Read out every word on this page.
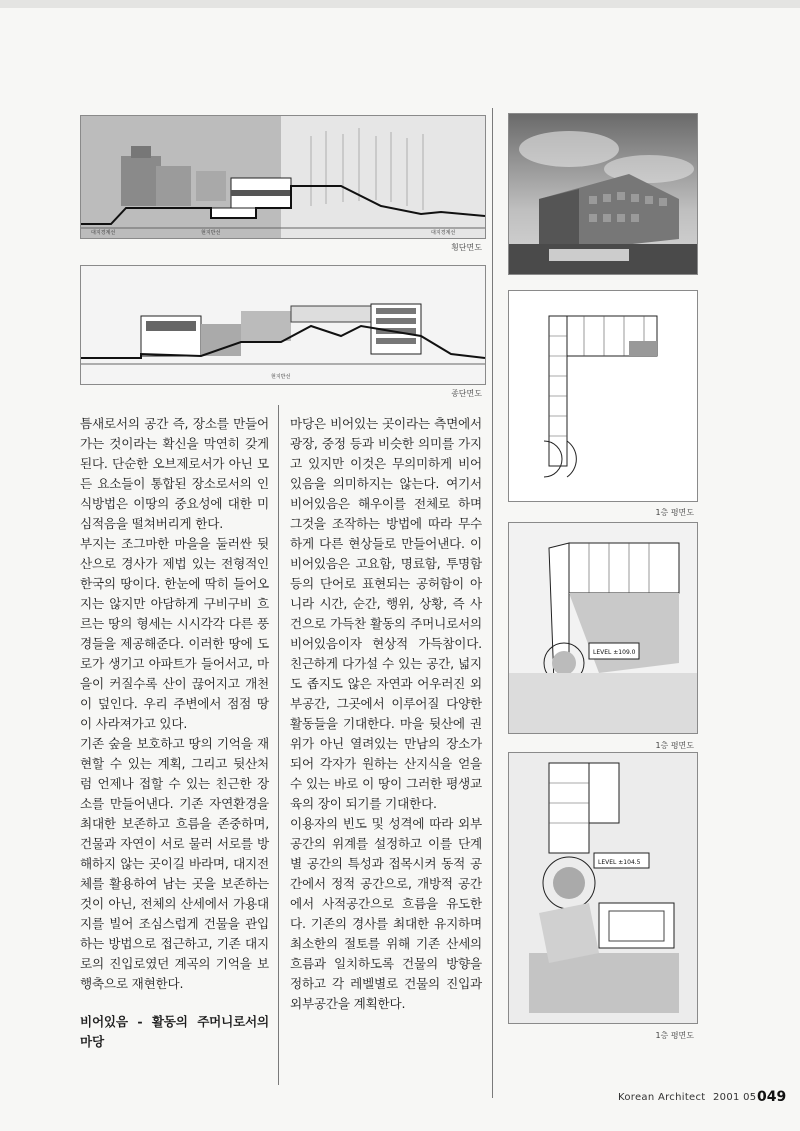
대지경계선	현지반선	대지경계선
횡단면도
현지반선
종단면도
1층 평면도
LEVEL ±109.0
1층 평면도
LEVEL ±104.5
1층 평면도

틈새로서의 공간 즉, 장소를 만들어가는 것이라는 확신을 막연히 갖게 된다. 단순한 오브제로서가 아닌 모든 요소들이 통합된 장소로서의 인식방법은 이땅의 중요성에 대한 미심적음을 떨쳐버리게 한다.

부지는 조그마한 마을을 둘러싼 뒷산으로 경사가 제법 있는 전형적인 한국의 땅이다. 한눈에 딱히 들어오지는 않지만 아담하게 구비구비 흐르는 땅의 형세는 시시각각 다른 풍경들을 제공해준다. 이러한 땅에 도로가 생기고 아파트가 들어서고, 마을이 커질수록 산이 끊어지고 개천이 덮인다. 우리 주변에서 점점 땅이 사라져가고 있다.

기존 숲을 보호하고 땅의 기억을 재현할 수 있는 계획, 그리고 뒷산처럼 언제나 접할 수 있는 친근한 장소를 만들어낸다. 기존 자연환경을 최대한 보존하고 흐름을 존중하며, 건물과 자연이 서로 물러 서로를 방해하지 않는 곳이길 바라며, 대지전체를 활용하여 남는 곳을 보존하는 것이 아닌, 전체의 산세에서 가용대지를 빌어 조심스럽게 건물을 관입하는 방법으로 접근하고, 기존 대지로의 진입로였던 계곡의 기억을 보행축으로 재현한다.

비어있음 - 활동의 주머니로서의 마당

마당은 비어있는 곳이라는 측면에서 광장, 중정 등과 비슷한 의미를 가지고 있지만 이것은 무의미하게 비어있음을 의미하지는 않는다. 여기서 비어있음은 해우이를 전체로 하며 그것을 조작하는 방법에 따라 무수하게 다른 현상들로 만들어낸다. 이 비어있음은 고요함, 명료함, 투명함 등의 단어로 표현되는 공허함이 아니라 시간, 순간, 행위, 상황, 즉 사건으로 가득찬 활동의 주머니로서의 비어있음이자 현상적 가득참이다. 친근하게 다가설 수 있는 공간, 넓지도 좁지도 않은 자연과 어우러진 외부공간, 그곳에서 이루어질 다양한 활동들을 기대한다. 마을 뒷산에 권위가 아닌 열려있는 만남의 장소가 되어 각자가 원하는 산지식을 얻을 수 있는 바로 이 땅이 그러한 평생교육의 장이 되기를 기대한다.

이용자의 빈도 및 성격에 따라 외부공간의 위계를 설정하고 이를 단계별 공간의 특성과 접목시켜 동적 공간에서 정적 공간으로, 개방적 공간에서 사적공간으로 흐름을 유도한다. 기존의 경사를 최대한 유지하며 최소한의 절토를 위해 기존 산세의 흐름과 일치하도록 건물의 방향을 정하고 각 레벨별로 건물의 진입과 외부공간을 계획한다.

Korean Architect 2001 05 049
